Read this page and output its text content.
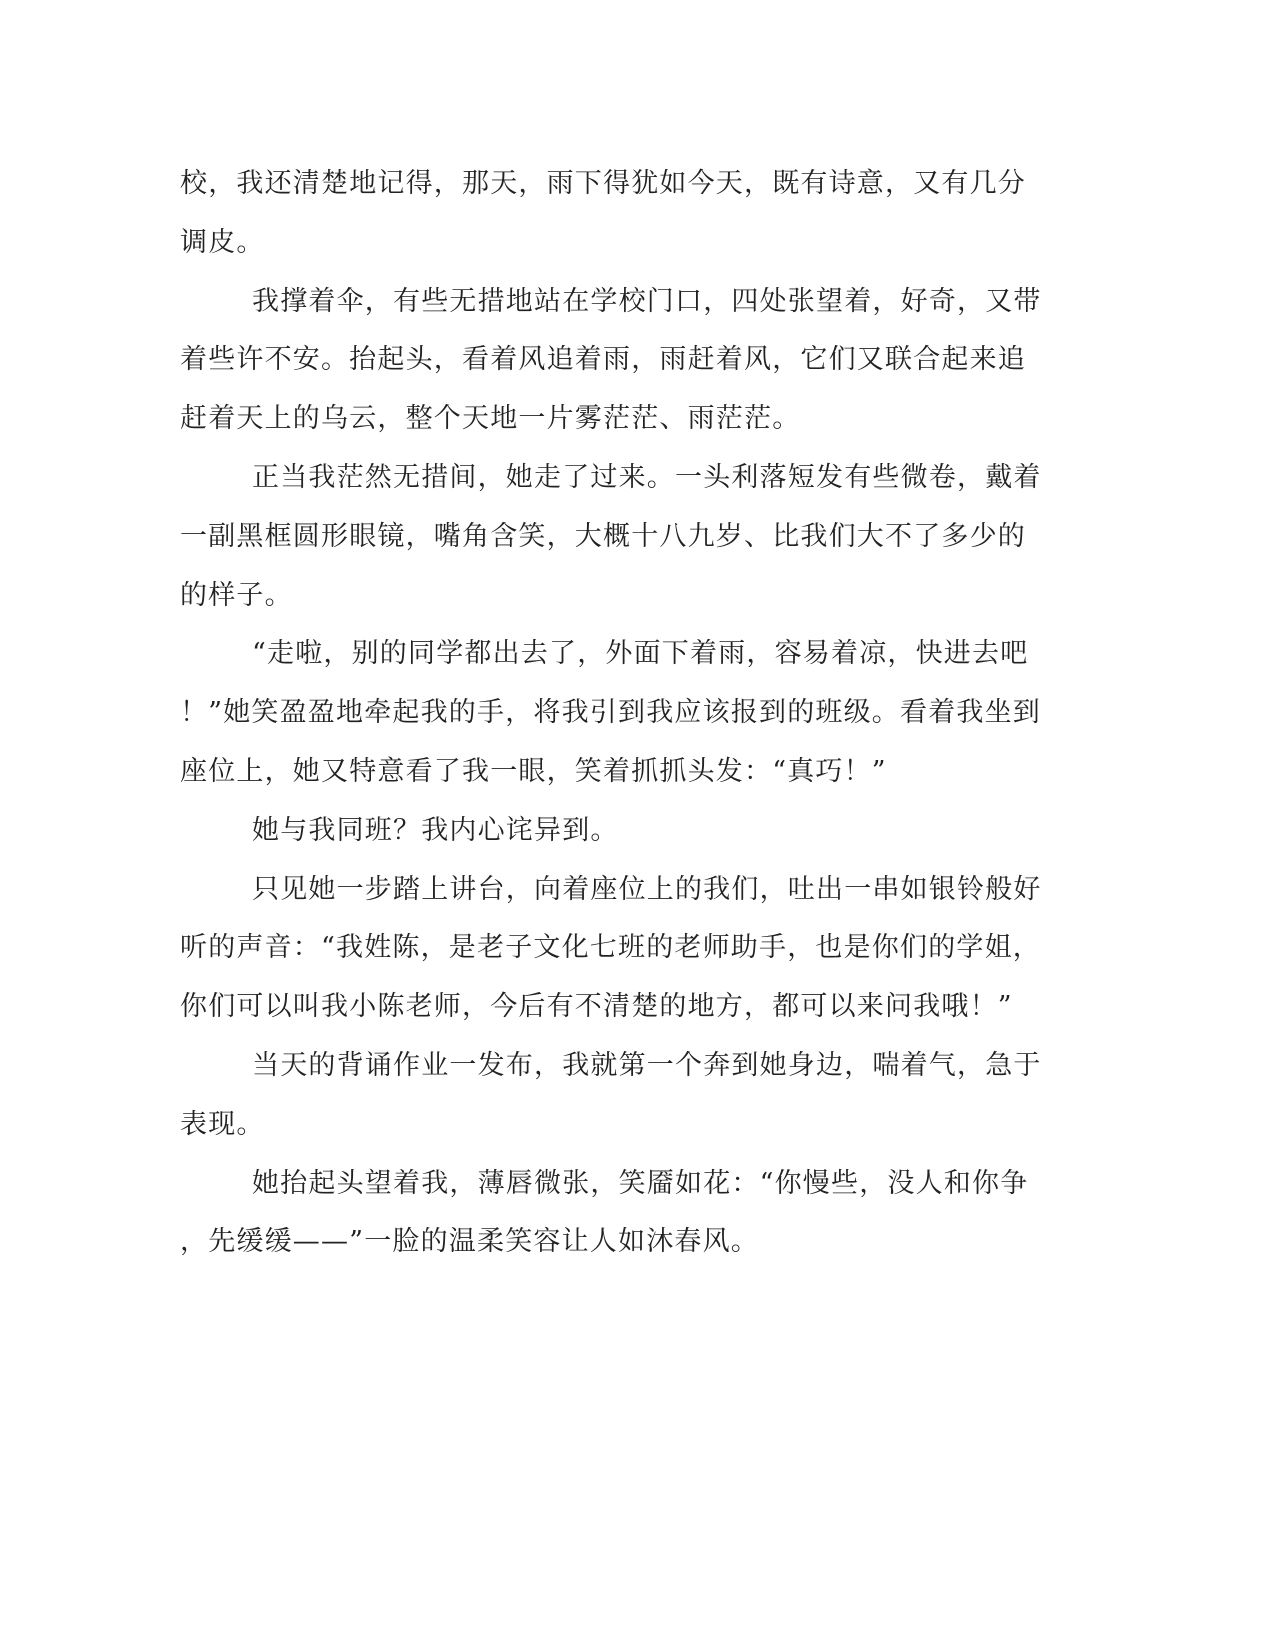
校，我还清楚地记得，那天，雨下得犹如今天，既有诗意，又有几分
调皮。
我撑着伞，有些无措地站在学校门口，四处张望着，好奇，又带
着些许不安。抬起头，看着风追着雨，雨赶着风，它们又联合起来追
赶着天上的乌云，整个天地一片雾茫茫、雨茫茫。
正当我茫然无措间，她走了过来。一头利落短发有些微卷，戴着
一副黑框圆形眼镜，嘴角含笑，大概十八九岁、比我们大不了多少的
的样子。
“走啦，别的同学都出去了，外面下着雨，容易着凉，快进去吧
！”她笑盈盈地牵起我的手，将我引到我应该报到的班级。看着我坐到
座位上，她又特意看了我一眼，笑着抓抓头发：“真巧！”
她与我同班？我内心诧异到。
只见她一步踏上讲台，向着座位上的我们，吐出一串如银铃般好
听的声音：“我姓陈，是老子文化七班的老师助手，也是你们的学姐，
你们可以叫我小陈老师，今后有不清楚的地方，都可以来问我哦！”
当天的背诵作业一发布，我就第一个奔到她身边，喘着气，急于
表现。
她抬起头望着我，薄唇微张，笑靥如花：“你慢些，没人和你争
，先缓缓——”一脸的温柔笑容让人如沐春风。
